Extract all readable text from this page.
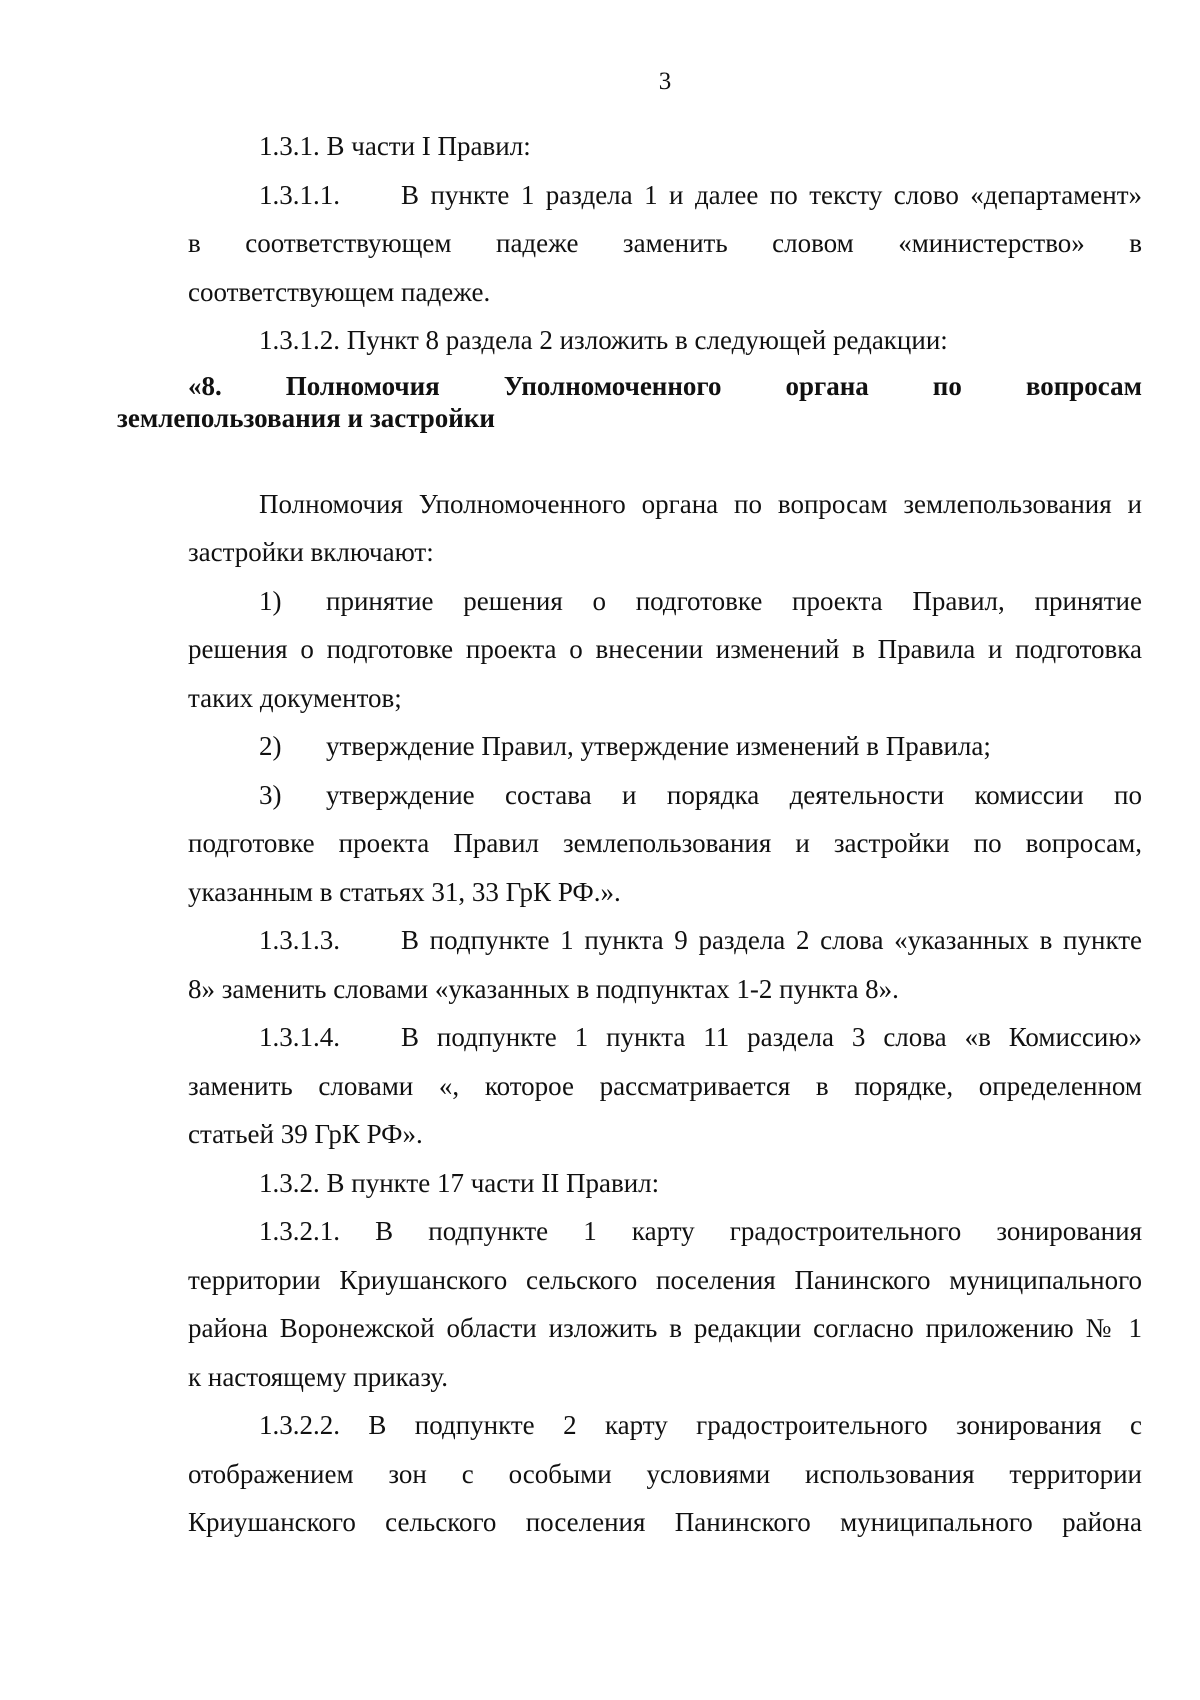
3

1.3.1. В части I Правил:

1.3.1.1. В пункте 1 раздела 1 и далее по тексту слово «департамент»

в соответствующем падеже заменить словом «министерство» в

соответствующем падеже.

1.3.1.2. Пункт 8 раздела 2 изложить в следующей редакции:

«8. Полномочия Уполномоченного органа по вопросам

землепользования и застройки

Полномочия Уполномоченного органа по вопросам землепользования и

застройки включают:

1) принятие решения о подготовке проекта Правил, принятие

решения о подготовке проекта о внесении изменений в Правила и подготовка

таких документов;

2) утверждение Правил, утверждение изменений в Правила;

3) утверждение состава и порядка деятельности комиссии по

подготовке проекта Правил землепользования и застройки по вопросам,

указанным в статьях 31, 33 ГрК РФ.».

1.3.1.3. В подпункте 1 пункта 9 раздела 2 слова «указанных в пункте

8» заменить словами «указанных в подпунктах 1-2 пункта 8».

1.3.1.4. В подпункте 1 пункта 11 раздела 3 слова «в Комиссию»

заменить словами «, которое рассматривается в порядке, определенном

статьей 39 ГрК РФ».

1.3.2. В пункте 17 части II Правил:

1.3.2.1. В подпункте 1 карту градостроительного зонирования

территории Криушанского сельского поселения Панинского муниципального

района Воронежской области изложить в редакции согласно приложению № 1

к настоящему приказу.

1.3.2.2. В подпункте 2 карту градостроительного зонирования с

отображением зон с особыми условиями использования территории

Криушанского сельского поселения Панинского муниципального района
